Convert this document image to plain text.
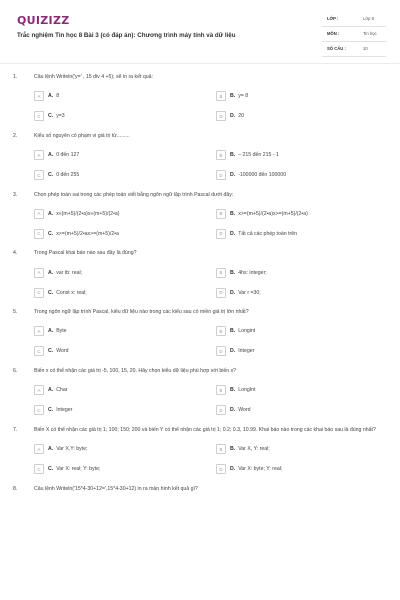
QUIZIZZ
Trắc nghiệm Tin học 8 Bài 3 (có đáp án): Chương trình máy tính và dữ liệu
LỚP :	Lớp 8
MÔN :	Tin học
SỐ CÂU :	10
1.	Câu lệnh Writeln('y=' , 15 div 4 +5); sẽ in ra kết quả:
A	A. 8	B	B. y= 8
C	C. y=3	D	D. 20
2.	Kiểu số nguyên có phạm vi giá trị từ.........
A	A. 0 đến 127	B	B. – 215 đến 215 - 1
C	C. 0 đến 255	D	D. -100000 đến 100000
3.	Chọn phép toán sai trong các phép toán viết bằng ngôn ngữ lập trình Pascal dưới đây:
A	A. x«(m+5)/(2•a)x«(m+5)/(2•a)	B	B. x>=(m+5)/(2•a)x>=(m+5)/(2•a)
C	C. x>=(m+5)/2•ax>=(m+5)/2•a	D	D. Tất cả các phép toán trên
4.	Trong Pascal khai báo nào sau đây là đúng?
A	A. var tb: real;	B	B. 4hs: integer;
C	C. Const x: real;	D	D. Var r =30;
5.	Trong ngôn ngữ lập trình Pascal, kiểu dữ liệu nào trong các kiểu sau có miền giá trị lớn nhất?
A	A. Byte	B	B. Longint
C	C. Word	D	D. Integer
6.	Biến x có thể nhận các giá trị -5, 100, 15, 20. Hãy chọn kiểu dữ liệu phù hợp với biến x?
A	A. Char	B	B. LongInt
C	C. Integer	D	D. Word
7.	Biến X có thể nhận các giá trị 1; 100; 150; 200 và biến Y có thể nhận các giá trị 1; 0.2; 0.3, 10.99. Khai báo nào trong các khai báo sau là đúng nhất?
A	A. Var X,Y: byte;	B	B. Var X, Y: real;
C	C. Var X: real; Y: byte;	D	D. Var X: byte; Y: real;
8.	Câu lệnh Writeln('15*4-30+12=',15*4-30+12) in ra màn hình kết quả gì?
